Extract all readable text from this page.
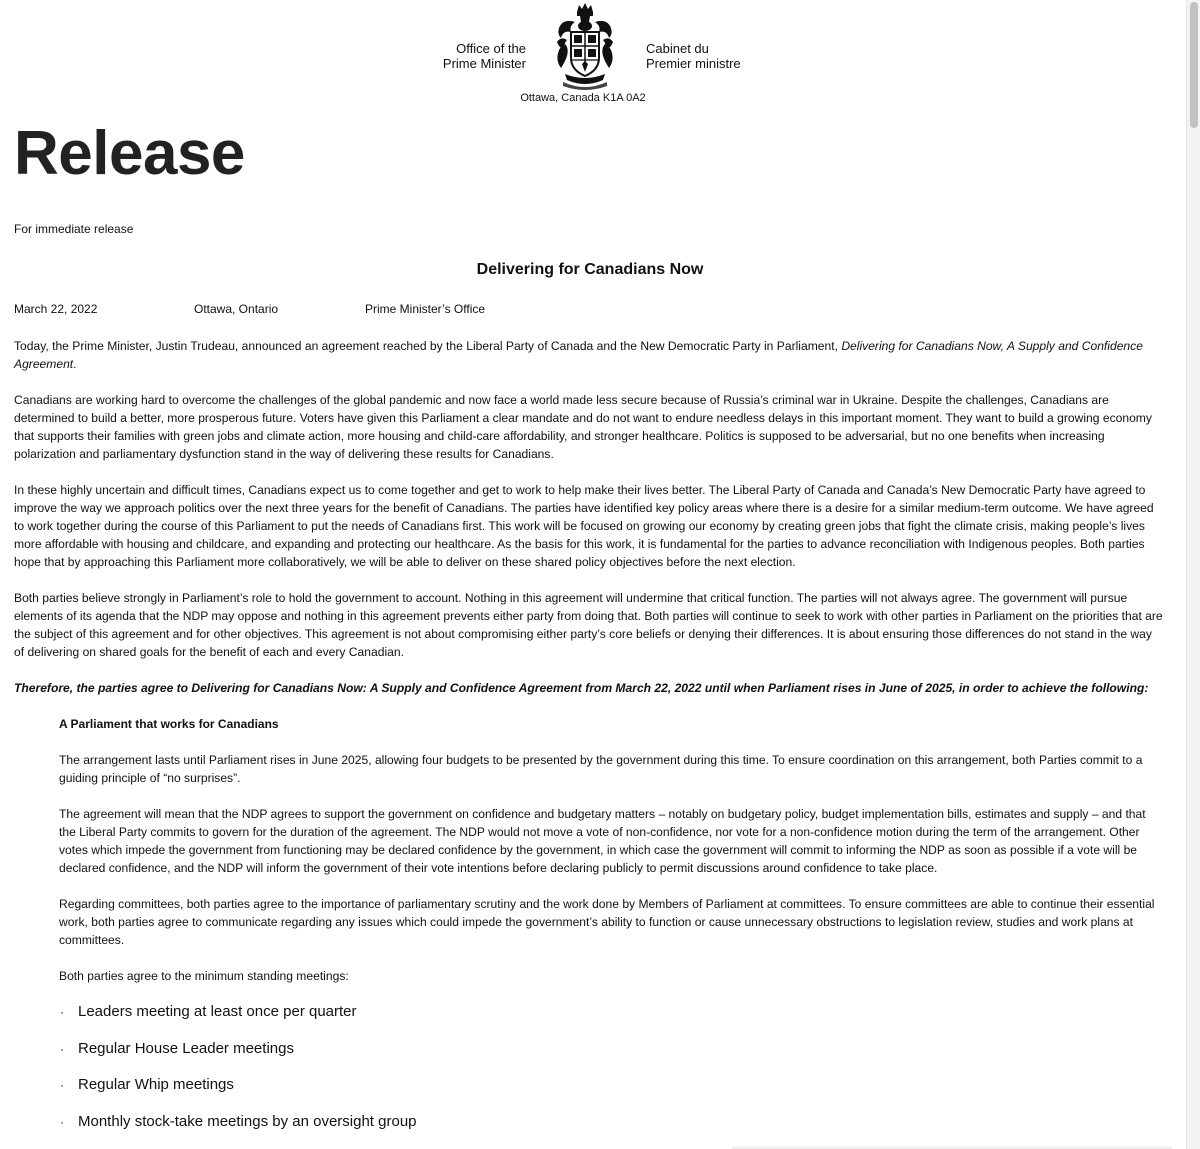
Office of the
Prime Minister
Cabinet du
Premier ministre
Ottawa, Canada K1A 0A2
Release
For immediate release
Delivering for Canadians Now
March 22, 2022	Ottawa, Ontario	Prime Minister’s Office

Today, the Prime Minister, Justin Trudeau, announced an agreement reached by the Liberal Party of Canada and the New Democratic Party in Parliament, Delivering for Canadians Now, A Supply and Confidence Agreement.

Canadians are working hard to overcome the challenges of the global pandemic and now face a world made less secure because of Russia’s criminal war in Ukraine. Despite the challenges, Canadians are determined to build a better, more prosperous future. Voters have given this Parliament a clear mandate and do not want to endure needless delays in this important moment. They want to build a growing economy that supports their families with green jobs and climate action, more housing and child-care affordability, and stronger healthcare. Politics is supposed to be adversarial, but no one benefits when increasing polarization and parliamentary dysfunction stand in the way of delivering these results for Canadians.

In these highly uncertain and difficult times, Canadians expect us to come together and get to work to help make their lives better. The Liberal Party of Canada and Canada’s New Democratic Party have agreed to improve the way we approach politics over the next three years for the benefit of Canadians. The parties have identified key policy areas where there is a desire for a similar medium-term outcome. We have agreed to work together during the course of this Parliament to put the needs of Canadians first. This work will be focused on growing our economy by creating green jobs that fight the climate crisis, making people’s lives more affordable with housing and childcare, and expanding and protecting our healthcare. As the basis for this work, it is fundamental for the parties to advance reconciliation with Indigenous peoples. Both parties hope that by approaching this Parliament more collaboratively, we will be able to deliver on these shared policy objectives before the next election.

Both parties believe strongly in Parliament’s role to hold the government to account. Nothing in this agreement will undermine that critical function. The parties will not always agree. The government will pursue elements of its agenda that the NDP may oppose and nothing in this agreement prevents either party from doing that. Both parties will continue to seek to work with other parties in Parliament on the priorities that are the subject of this agreement and for other objectives. This agreement is not about compromising either party’s core beliefs or denying their differences. It is about ensuring those differences do not stand in the way of delivering on shared goals for the benefit of each and every Canadian.

Therefore, the parties agree to Delivering for Canadians Now: A Supply and Confidence Agreement from March 22, 2022 until when Parliament rises in June of 2025, in order to achieve the following:

A Parliament that works for Canadians

The arrangement lasts until Parliament rises in June 2025, allowing four budgets to be presented by the government during this time. To ensure coordination on this arrangement, both Parties commit to a guiding principle of “no surprises”.

The agreement will mean that the NDP agrees to support the government on confidence and budgetary matters – notably on budgetary policy, budget implementation bills, estimates and supply – and that the Liberal Party commits to govern for the duration of the agreement. The NDP would not move a vote of non-confidence, nor vote for a non-confidence motion during the term of the arrangement. Other votes which impede the government from functioning may be declared confidence by the government, in which case the government will commit to informing the NDP as soon as possible if a vote will be declared confidence, and the NDP will inform the government of their vote intentions before declaring publicly to permit discussions around confidence to take place.

Regarding committees, both parties agree to the importance of parliamentary scrutiny and the work done by Members of Parliament at committees. To ensure committees are able to continue their essential work, both parties agree to communicate regarding any issues which could impede the government’s ability to function or cause unnecessary obstructions to legislation review, studies and work plans at committees.

Both parties agree to the minimum standing meetings:

· Leaders meeting at least once per quarter
· Regular House Leader meetings
· Regular Whip meetings
· Monthly stock-take meetings by an oversight group
